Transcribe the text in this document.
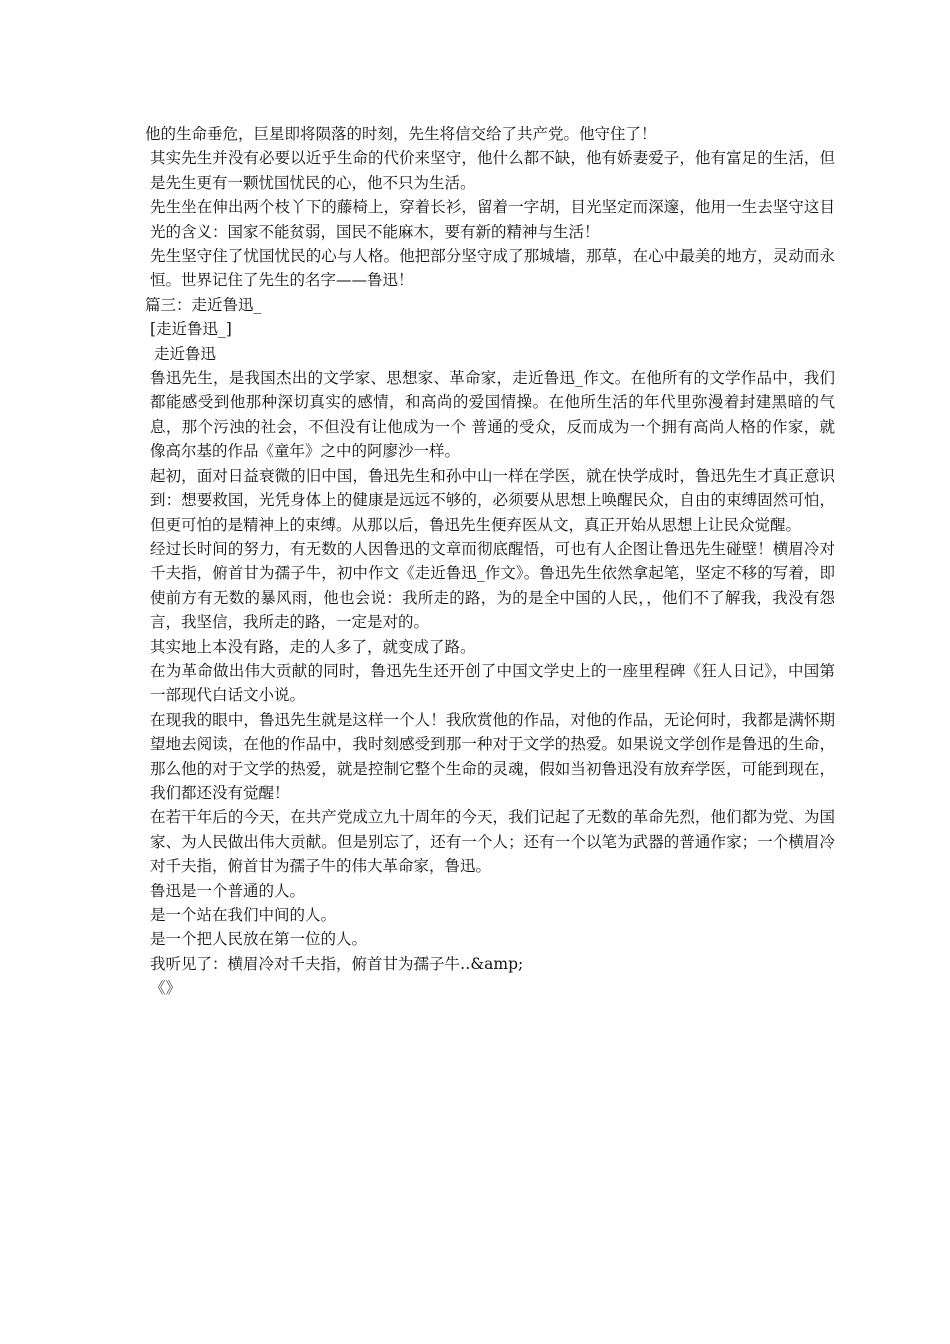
他的生命垂危，巨星即将陨落的时刻，先生将信交给了共产党。他守住了！

其实先生并没有必要以近乎生命的代价来坚守，他什么都不缺，他有娇妻爱子，他有富足的生活，但是先生更有一颗忧国忧民的心，他不只为生活。

先生坐在伸出两个枝丫下的藤椅上，穿着长衫，留着一字胡，目光坚定而深邃，他用一生去坚守这目光的含义：国家不能贫弱，国民不能麻木，要有新的精神与生活！

先生坚守住了忧国忧民的心与人格。他把部分坚守成了那城墙，那草，在心中最美的地方，灵动而永恒。世界记住了先生的名字——鲁迅！

篇三：走近鲁迅_

[走近鲁迅_]

走近鲁迅

鲁迅先生，是我国杰出的文学家、思想家、革命家，走近鲁迅_作文。在他所有的文学作品中，我们都能感受到他那种深切真实的感情，和高尚的爱国情操。在他所生活的年代里弥漫着封建黑暗的气息，那个污浊的社会，不但没有让他成为一个 普通的受众，反而成为一个拥有高尚人格的作家，就像高尔基的作品《童年》之中的阿廖沙一样。

起初，面对日益衰微的旧中国，鲁迅先生和孙中山一样在学医，就在快学成时，鲁迅先生才真正意识到：想要救国，光凭身体上的健康是远远不够的，必须要从思想上唤醒民众，自由的束缚固然可怕，但更可怕的是精神上的束缚。从那以后，鲁迅先生便弃医从文，真正开始从思想上让民众觉醒。

经过长时间的努力，有无数的人因鲁迅的文章而彻底醒悟，可也有人企图让鲁迅先生碰壁！横眉冷对千夫指，俯首甘为孺子牛，初中作文《走近鲁迅_作文》。鲁迅先生依然拿起笔，坚定不移的写着，即使前方有无数的暴风雨，他也会说：我所走的路，为的是全中国的人民，，他们不了解我，我没有怨言，我坚信，我所走的路，一定是对的。

其实地上本没有路，走的人多了，就变成了路。

在为革命做出伟大贡献的同时，鲁迅先生还开创了中国文学史上的一座里程碑《狂人日记》，中国第一部现代白话文小说。

在现我的眼中，鲁迅先生就是这样一个人！我欣赏他的作品，对他的作品，无论何时，我都是满怀期望地去阅读，在他的作品中，我时刻感受到那一种对于文学的热爱。如果说文学创作是鲁迅的生命，那么他的对于文学的热爱，就是控制它整个生命的灵魂，假如当初鲁迅没有放弃学医，可能到现在，我们都还没有觉醒！

在若干年后的今天，在共产党成立九十周年的今天，我们记起了无数的革命先烈，他们都为党、为国家、为人民做出伟大贡献。但是别忘了，还有一个人；还有一个以笔为武器的普通作家；一个横眉冷对千夫指，俯首甘为孺子牛的伟大革命家，鲁迅。

鲁迅是一个普通的人。

是一个站在我们中间的人。

是一个把人民放在第一位的人。

我听见了：横眉冷对千夫指，俯首甘为孺子牛‥&amp;

《》
